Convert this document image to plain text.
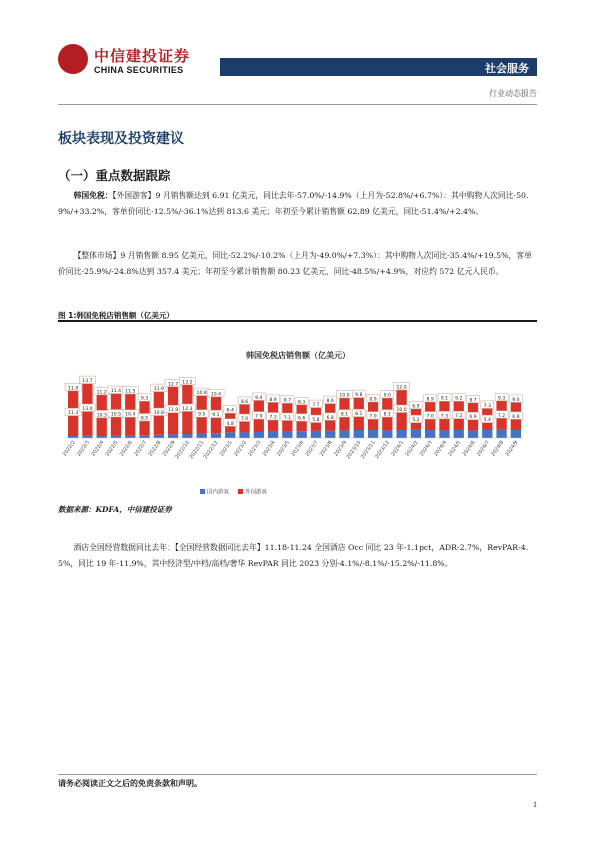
中信建投证券
CHINA SECURITIES	社会服务
行业动态报告
板块表现及投资建议
（一）重点数据跟踪
韩国免税：【外国游客】9 月销售额达到 6.91 亿美元，同比去年-57.0%/-14.9%（上月为-52.8%/+6.7%）：其中购物人次同比-50.9%/+33.2%，客单价同比-12.5%/-36.1%达到 813.6 美元；年初至今累计销售额 62.89 亿美元，同比-51.4%/+2.4%。
【整体市场】9 月销售额 8.95 亿美元，同比-52.2%/-10.2%（上月为-49.0%/+7.3%）：其中购物人次同比-35.4%/+19.5%，客单价同比-25.9%/-24.8%达到 357.4 美元；年初至今累计销售额 80.23 亿美元，同比-48.5%/+4.9%，对应约 572 亿元人民币。
图 1:韩国免税店销售额（亿美元）
韩国免税店销售额（亿美元）
11.9
11.3
13.7
13.0
11.2
10.3
11.4
10.5
11.5
10.4
9.3
8.5
11.9
10.8
12.7
11.9
13.2
12.3
10.8
9.5
10.4
9.1
6.4
4.8
8.6
7.0
9.4
7.9
8.9
7.3
8.7
7.1
8.3
6.6
7.7
5.8
8.6
6.8
10.0
8.1
9.8
8.1
8.9
7.0
9.0
8.1
12.0
10.0
6.9
5.2
8.9
7.0
9.1
7.3
9.2
7.2
8.7
6.9
7.3
5.4
9.3
7.2
9.0
6.9
2022/2 2022/3 2022/4 2022/5 2022/6 2022/7 2022/8 2022/9
2022/10
2022/11
2022/12 2023/1 2023/2 2023/3 2023/4 2023/5 2023/6 2023/7 2023/8 2023/9
2023/10
2023/11
2023/12 2024/1 2024/2 2024/3 2024/4 2024/5 2024/6 2024/7 2024/8 2024/9
国内游客	外国游客
数据来源：KDFA，中信建投证券
酒店全国经营数据同比去年：【全国经营数据同比去年】11.18-11.24 全国酒店 Occ 同比 23 年-1.1pct，ADR-2.7%，RevPAR-4.5%，同比 19 年-11.9%，其中经济型/中档/高档/奢华 RevPAR 同比 2023 分别-4.1%/-8.1%/-15.2%/-11.8%。
请务必阅读正文之后的免责条款和声明。
1
